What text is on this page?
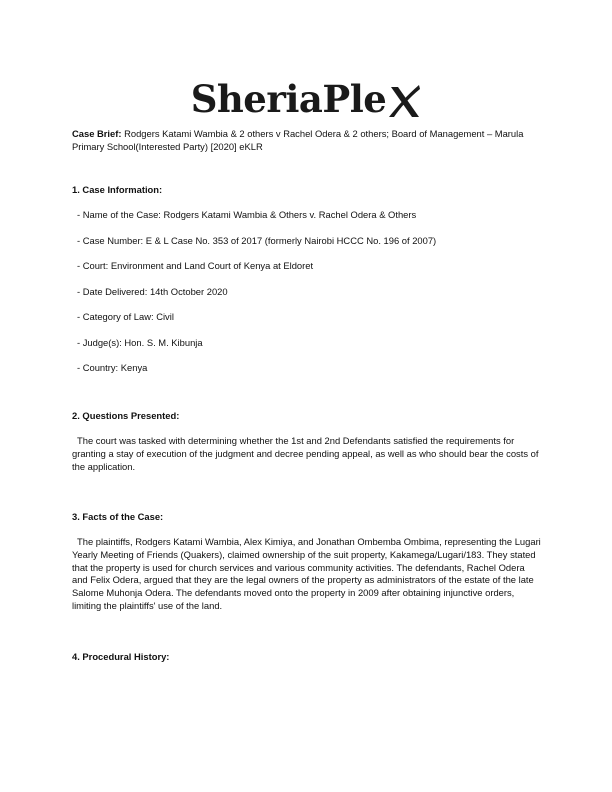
SheriaPle

Case Brief: Rodgers Katami Wambia & 2 others v Rachel Odera & 2 others; Board of Management – Marula Primary School(Interested Party) [2020] eKLR

1. Case Information:
- Name of the Case: Rodgers Katami Wambia & Others v. Rachel Odera & Others
- Case Number: E & L Case No. 353 of 2017 (formerly Nairobi HCCC No. 196 of 2007)
- Court: Environment and Land Court of Kenya at Eldoret
- Date Delivered: 14th October 2020
- Category of Law: Civil
- Judge(s): Hon. S. M. Kibunja
- Country: Kenya
2. Questions Presented:

The court was tasked with determining whether the 1st and 2nd Defendants satisfied the requirements for granting a stay of execution of the judgment and decree pending appeal, as well as who should bear the costs of the application.

3. Facts of the Case:

The plaintiffs, Rodgers Katami Wambia, Alex Kimiya, and Jonathan Ombemba Ombima, representing the Lugari Yearly Meeting of Friends (Quakers), claimed ownership of the suit property, Kakamega/Lugari/183. They stated that the property is used for church services and various community activities. The defendants, Rachel Odera and Felix Odera, argued that they are the legal owners of the property as administrators of the estate of the late Salome Muhonja Odera. The defendants moved onto the property in 2009 after obtaining injunctive orders, limiting the plaintiffs' use of the land.

4. Procedural History:
